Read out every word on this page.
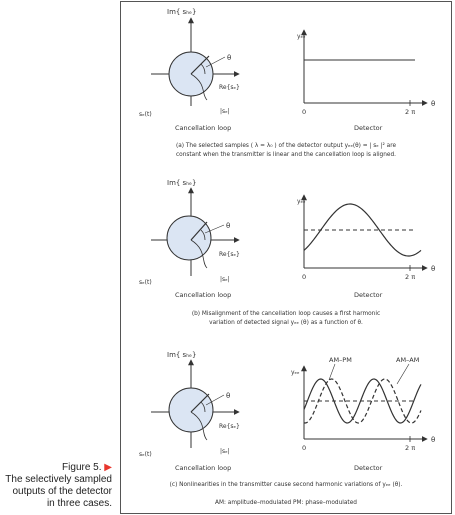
Figure 5. ▶
The selectively sampled outputs of the detector in three cases.
Im{ sₕₑ}
Re{sₑ}
θ
sₑ(t)	|sₑ|
Cancellation loop
yₑₑ
0	2 π
θ
Detector
(a) The selected samples ( λ = λ₀ ) of the detector output yₑₑ(θ) = | sₑ |² are
constant when the transmitter is linear and the cancellation loop is aligned.
Im{ sₕₑ}
Re{sₑ}
θ
sₑ(t)	|sₑ|
Cancellation loop
yₑₑ
0	2 π
θ
Detector
(b) Misalignment of the cancellation loop causes a first harmonic
variation of detected signal yₑₑ (θ) as a function of θ.
Im{ sₕₑ}
Re{sₑ}
θ
sₑ(t)	|sₑ|
Cancellation loop
AM–PM	AM–AM
yₑₑ
0	2 π
θ
Detector
(c) Nonlinearities in the transmitter cause second harmonic variations of yₑₑ (θ).
AM: amplitude–modulated PM: phase–modulated
